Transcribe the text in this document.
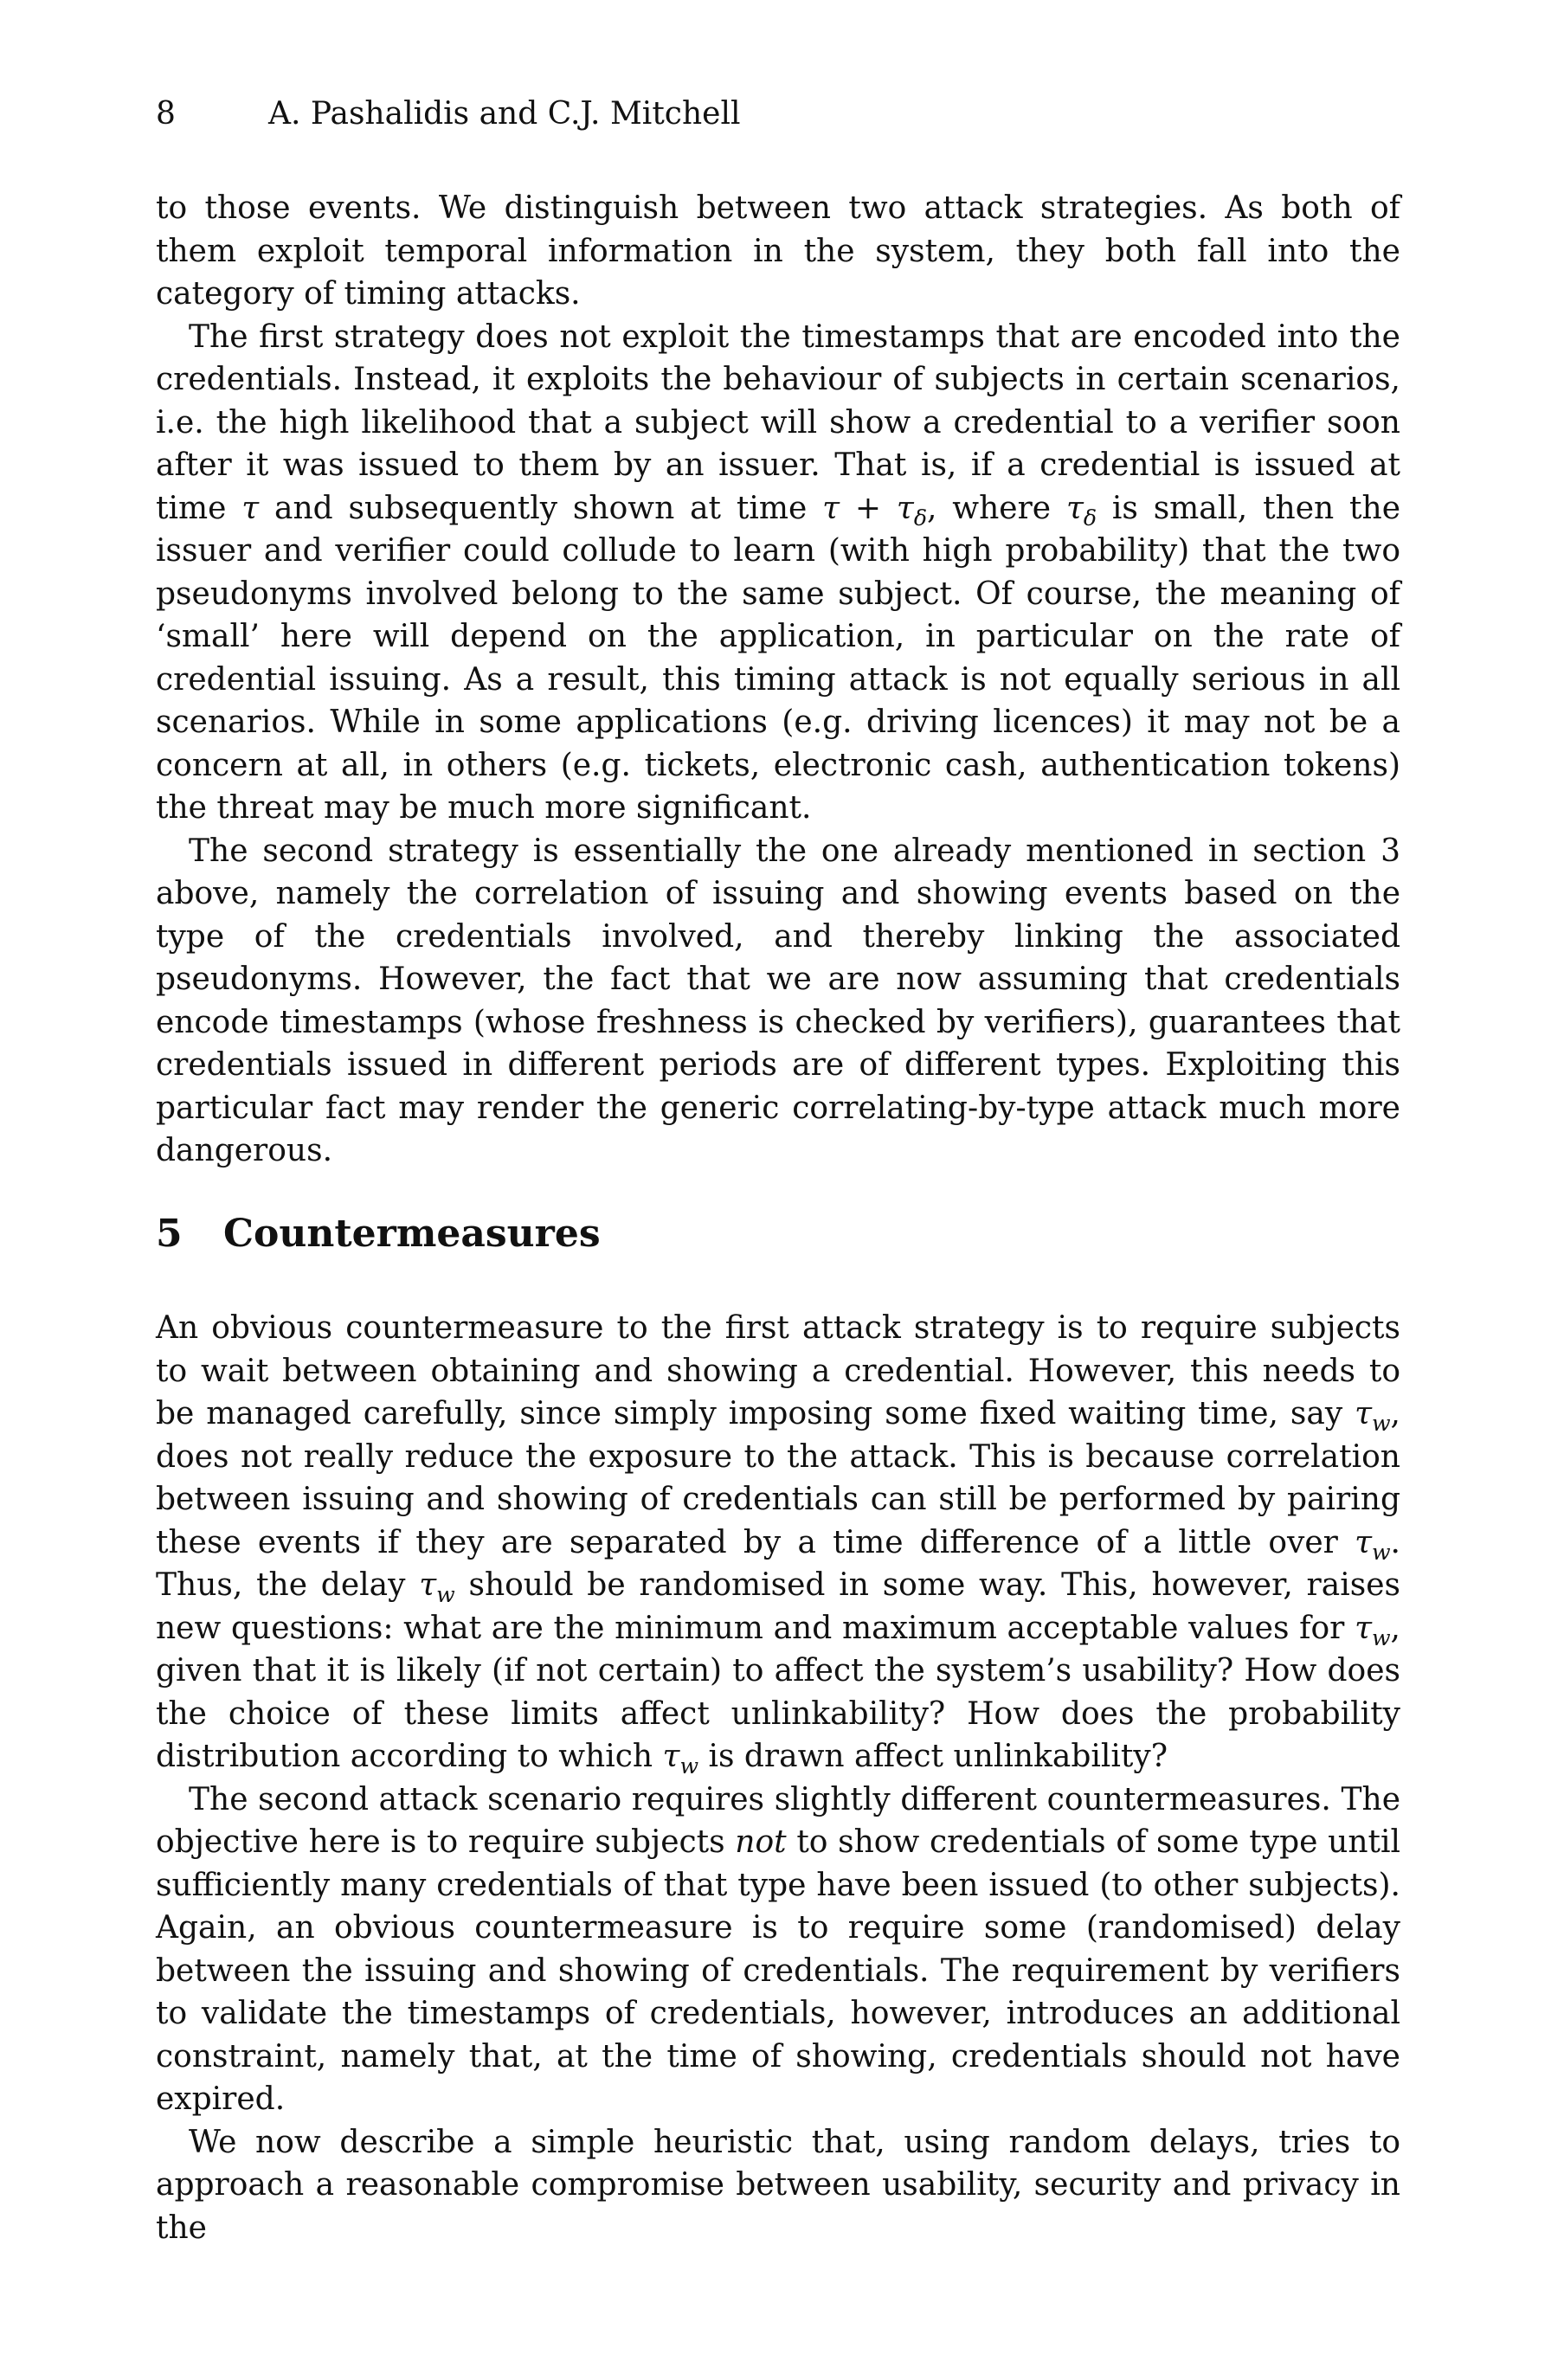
8	A. Pashalidis and C.J. Mitchell

to those events. We distinguish between two attack strategies. As both of them exploit temporal information in the system, they both fall into the category of timing attacks.

The first strategy does not exploit the timestamps that are encoded into the credentials. Instead, it exploits the behaviour of subjects in certain scenarios, i.e. the high likelihood that a subject will show a credential to a verifier soon after it was issued to them by an issuer. That is, if a credential is issued at time τ and subsequently shown at time $\tau + \tau_\delta$, where $\tau_\delta$ is small, then the issuer and verifier could collude to learn (with high probability) that the two pseudonyms involved belong to the same subject. Of course, the meaning of ‘small’ here will depend on the application, in particular on the rate of credential issuing. As a result, this timing attack is not equally serious in all scenarios. While in some applications (e.g. driving licences) it may not be a concern at all, in others (e.g. tickets, electronic cash, authentication tokens) the threat may be much more significant.

The second strategy is essentially the one already mentioned in section 3 above, namely the correlation of issuing and showing events based on the type of the credentials involved, and thereby linking the associated pseudonyms. However, the fact that we are now assuming that credentials encode timestamps (whose freshness is checked by verifiers), guarantees that credentials issued in different periods are of different types. Exploiting this particular fact may render the generic correlating-by-type attack much more dangerous.

5 Countermeasures

An obvious countermeasure to the first attack strategy is to require subjects to wait between obtaining and showing a credential. However, this needs to be managed carefully, since simply imposing some fixed waiting time, say $\tau_w$, does not really reduce the exposure to the attack. This is because correlation between issuing and showing of credentials can still be performed by pairing these events if they are separated by a time difference of a little over $\tau_w$. Thus, the delay $\tau_w$ should be randomised in some way. This, however, raises new questions: what are the minimum and maximum acceptable values for $\tau_w$, given that it is likely (if not certain) to affect the system’s usability? How does the choice of these limits affect unlinkability? How does the probability distribution according to which $\tau_w$ is drawn affect unlinkability?

The second attack scenario requires slightly different countermeasures. The objective here is to require subjects not to show credentials of some type until sufficiently many credentials of that type have been issued (to other subjects). Again, an obvious countermeasure is to require some (randomised) delay between the issuing and showing of credentials. The requirement by verifiers to validate the timestamps of credentials, however, introduces an additional constraint, namely that, at the time of showing, credentials should not have expired.

We now describe a simple heuristic that, using random delays, tries to approach a reasonable compromise between usability, security and privacy in the
